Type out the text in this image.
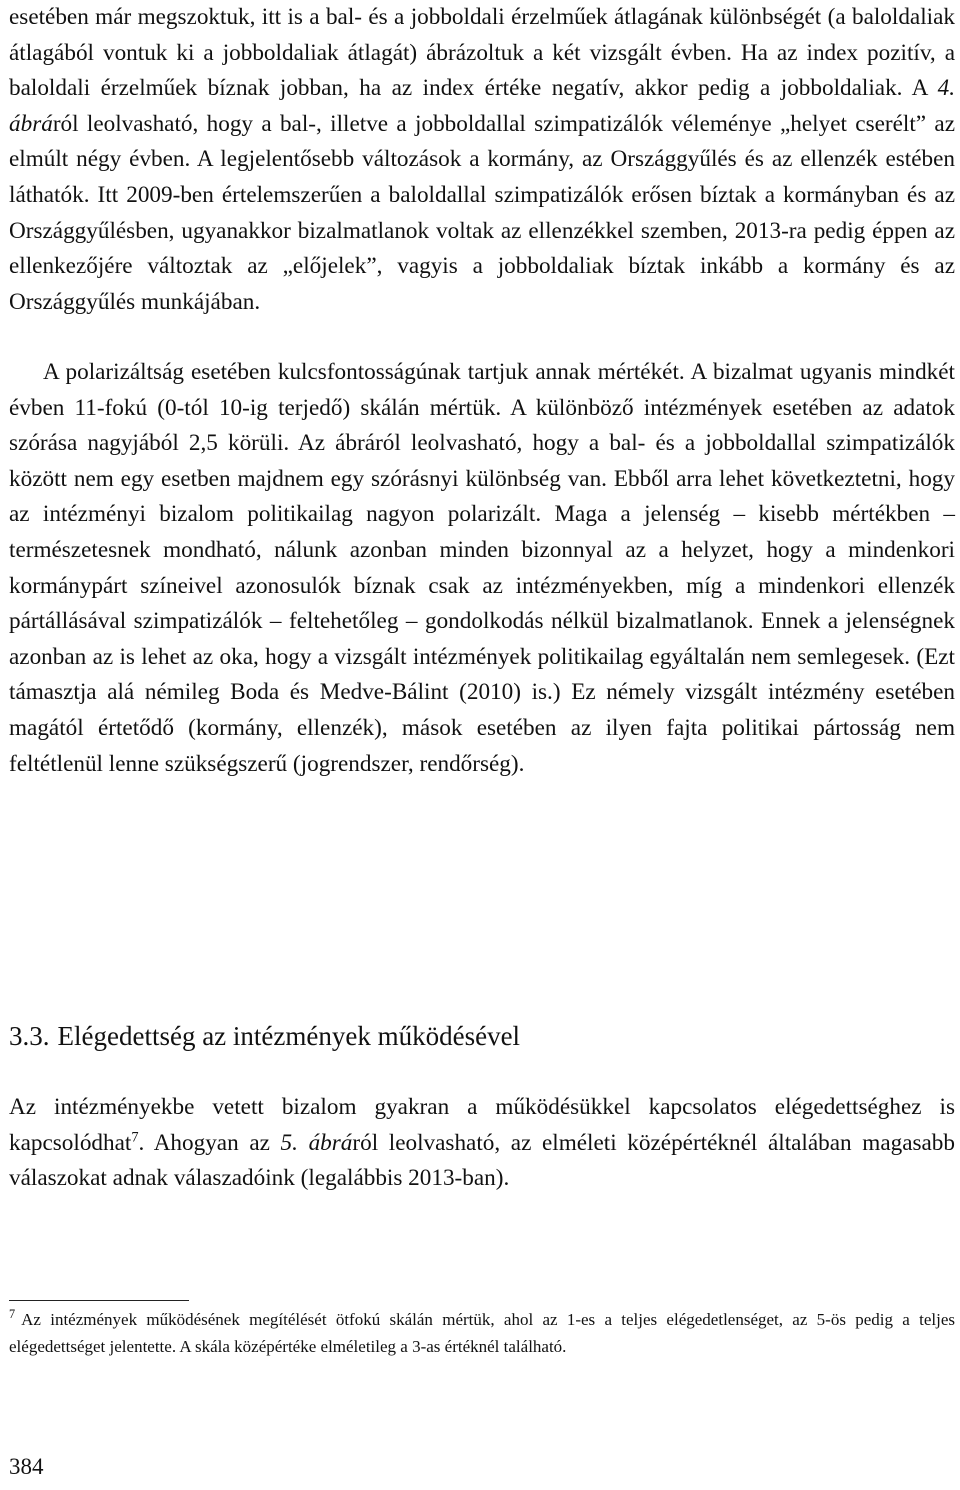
esetében már megszoktuk, itt is a bal- és a jobboldali érzelműek átlagának különbségét (a baloldaliak átlagából vontuk ki a jobboldaliak átlagát) ábrázoltuk a két vizsgált évben. Ha az index pozitív, a baloldali érzelműek bíznak jobban, ha az index értéke negatív, akkor pedig a jobboldaliak. A 4. ábráról leolvasható, hogy a bal-, illetve a jobboldallal szimpatizálók véleménye „helyet cserélt” az elmúlt négy évben. A legjelentősebb változások a kormány, az Országgyűlés és az ellenzék estében láthatók. Itt 2009-ben értelemszerűen a baloldallal szimpatizálók erősen bíztak a kormányban és az Országgyűlésben, ugyanakkor bizalmatlanok voltak az ellenzékkel szemben, 2013-ra pedig éppen az ellenkezőjére változtak az „előjelek”, vagyis a jobboldaliak bíztak inkább a kormány és az Országgyűlés munkájában.

A polarizáltság esetében kulcsfontosságúnak tartjuk annak mértékét. A bizalmat ugyanis mindkét évben 11-fokú (0-tól 10-ig terjedő) skálán mértük. A különböző intézmények esetében az adatok szórása nagyjából 2,5 körüli. Az ábráról leolvasható, hogy a bal- és a jobboldallal szimpatizálók között nem egy esetben majdnem egy szórásnyi különbség van. Ebből arra lehet következtetni, hogy az intézményi bizalom politikailag nagyon polarizált. Maga a jelenség – kisebb mértékben – természetesnek mondható, nálunk azonban minden bizonnyal az a helyzet, hogy a mindenkori kormánypárt színeivel azonosulók bíznak csak az intézményekben, míg a mindenkori ellenzék pártállásával szimpatizálók – feltehetőleg – gondolkodás nélkül bizalmatlanok. Ennek a jelenségnek azonban az is lehet az oka, hogy a vizsgált intézmények politikailag egyáltalán nem semlegesek. (Ezt támasztja alá némileg Boda és Medve-Bálint (2010) is.) Ez némely vizsgált intézmény esetében magától értetődő (kormány, ellenzék), mások esetében az ilyen fajta politikai pártosság nem feltétlenül lenne szükségszerű (jogrendszer, rendőrség).

3.3. Elégedettség az intézmények működésével

Az intézményekbe vetett bizalom gyakran a működésükkel kapcsolatos elégedettséghez is kapcsolódhat$^7$. Ahogyan az 5. ábráról leolvasható, az elméleti középértéknél általában magasabb válaszokat adnak válaszadóink (legalábbis 2013-ban).

$^7$ Az intézmények működésének megítélését ötfokú skálán mértük, ahol az 1-es a teljes elégedetlenséget, az 5-ös pedig a teljes elégedettséget jelentette. A skála középértéke elméletileg a 3-as értéknél található.

384
